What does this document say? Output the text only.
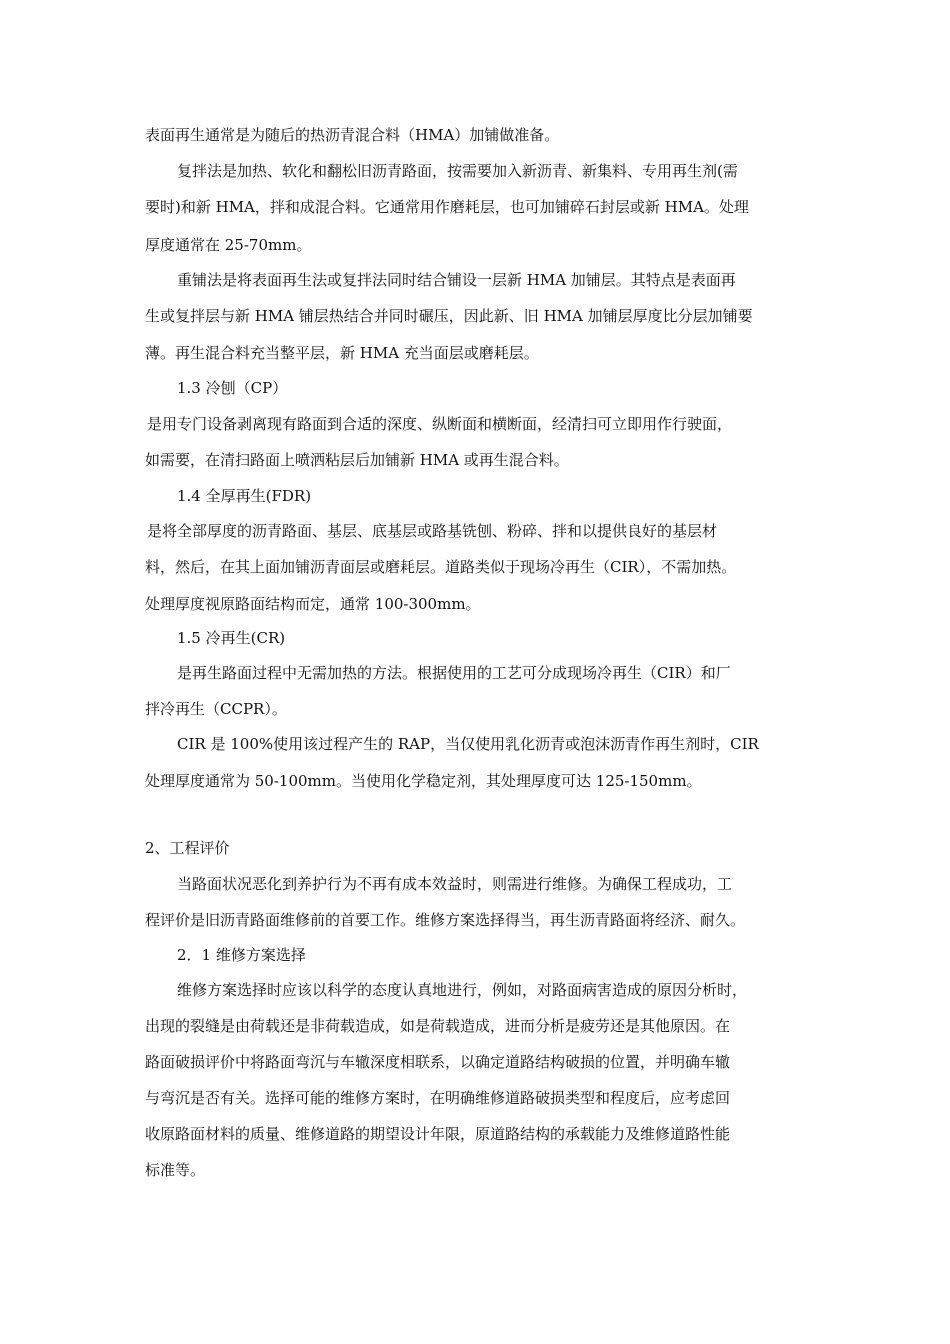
表面再生通常是为随后的热沥青混合料（HMA）加铺做准备。
复拌法是加热、软化和翻松旧沥青路面，按需要加入新沥青、新集料、专用再生剂(需
要时)和新 HMA，拌和成混合料。它通常用作磨耗层，也可加铺碎石封层或新 HMA。处理
厚度通常在 25-70mm。
重铺法是将表面再生法或复拌法同时结合铺设一层新 HMA 加铺层。其特点是表面再
生或复拌层与新 HMA 铺层热结合并同时碾压，因此新、旧 HMA 加铺层厚度比分层加铺要
薄。再生混合料充当整平层，新 HMA 充当面层或磨耗层。
1.3 冷刨（CP）
是用专门设备剥离现有路面到合适的深度、纵断面和横断面，经清扫可立即用作行驶面，
如需要，在清扫路面上喷洒粘层后加铺新 HMA 或再生混合料。
1.4 全厚再生(FDR)
是将全部厚度的沥青路面、基层、底基层或路基铣刨、粉碎、拌和以提供良好的基层材
料，然后，在其上面加铺沥青面层或磨耗层。道路类似于现场冷再生（CIR），不需加热。
处理厚度视原路面结构而定，通常 100-300mm。
1.5 冷再生(CR)
是再生路面过程中无需加热的方法。根据使用的工艺可分成现场冷再生（CIR）和厂
拌冷再生（CCPR）。
CIR 是 100%使用该过程产生的 RAP，当仅使用乳化沥青或泡沫沥青作再生剂时，CIR
处理厚度通常为 50-100mm。当使用化学稳定剂，其处理厚度可达 125-150mm。
2、工程评价
当路面状况恶化到养护行为不再有成本效益时，则需进行维修。为确保工程成功，工
程评价是旧沥青路面维修前的首要工作。维修方案选择得当，再生沥青路面将经济、耐久。
2．1 维修方案选择
维修方案选择时应该以科学的态度认真地进行，例如，对路面病害造成的原因分析时，
出现的裂缝是由荷载还是非荷载造成，如是荷载造成，进而分析是疲劳还是其他原因。在
路面破损评价中将路面弯沉与车辙深度相联系，以确定道路结构破损的位置，并明确车辙
与弯沉是否有关。选择可能的维修方案时，在明确维修道路破损类型和程度后，应考虑回
收原路面材料的质量、维修道路的期望设计年限，原道路结构的承载能力及维修道路性能
标准等。
